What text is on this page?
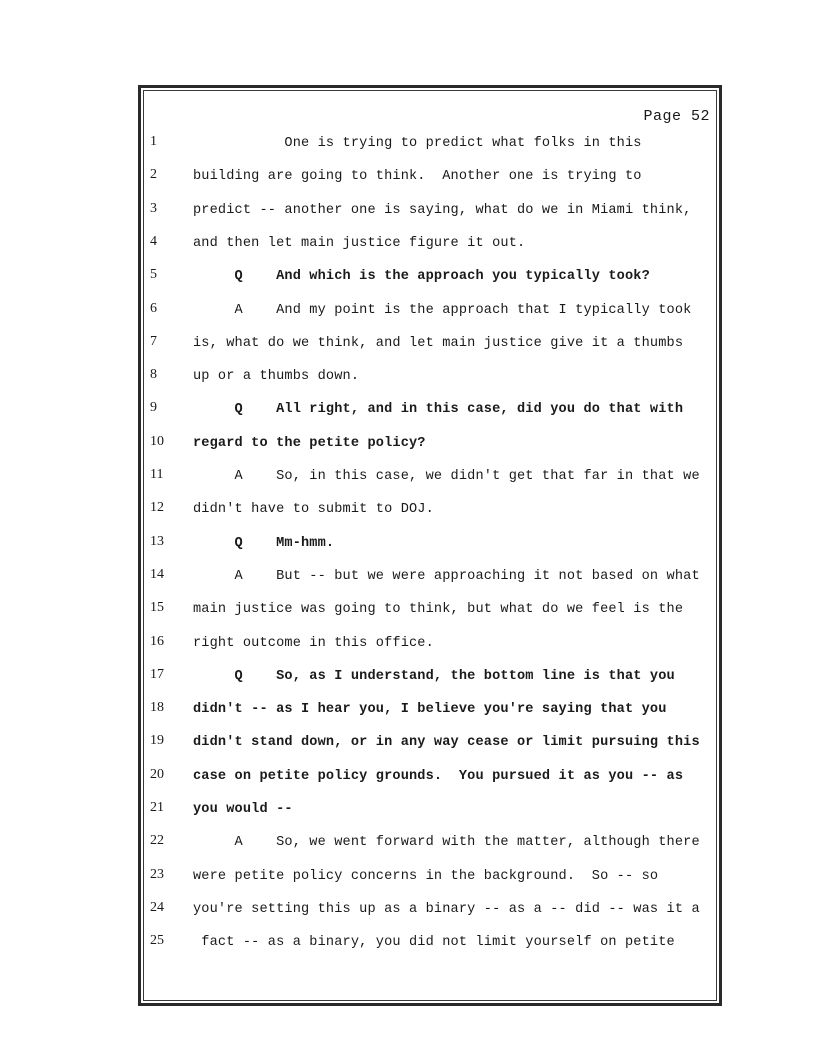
Page 52
1	One is trying to predict what folks in this
2	building are going to think.  Another one is trying to
3	predict -- another one is saying, what do we in Miami think,
4	and then let main justice figure it out.
5	Q    And which is the approach you typically took?
6	A    And my point is the approach that I typically took
7	is, what do we think, and let main justice give it a thumbs
8	up or a thumbs down.
9	Q    All right, and in this case, did you do that with
10	regard to the petite policy?
11	A    So, in this case, we didn't get that far in that we
12	didn't have to submit to DOJ.
13	Q    Mm-hmm.
14	A    But -- but we were approaching it not based on what
15	main justice was going to think, but what do we feel is the
16	right outcome in this office.
17	Q    So, as I understand, the bottom line is that you
18	didn't -- as I hear you, I believe you're saying that you
19	didn't stand down, or in any way cease or limit pursuing this
20	case on petite policy grounds.  You pursued it as you -- as
21	you would --
22	A    So, we went forward with the matter, although there
23	were petite policy concerns in the background.  So -- so
24	you're setting this up as a binary -- as a -- did -- was it a
25	fact -- as a binary, you did not limit yourself on petite
